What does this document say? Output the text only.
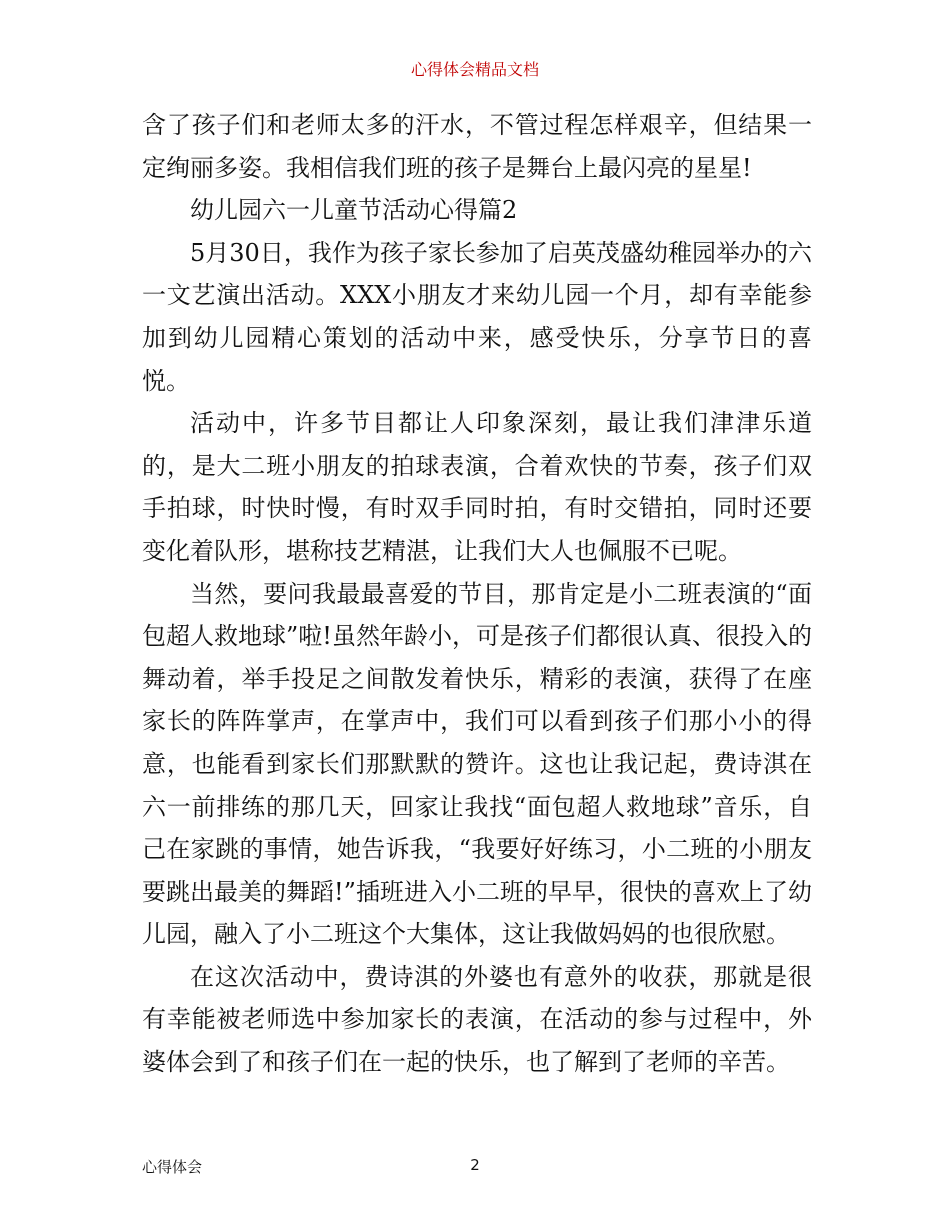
心得体会精品文档

含了孩子们和老师太多的汗水，不管过程怎样艰辛，但结果一定绚丽多姿。我相信我们班的孩子是舞台上最闪亮的星星!

幼儿园六一儿童节活动心得篇2

5月30日，我作为孩子家长参加了启英茂盛幼稚园举办的六一文艺演出活动。XXX小朋友才来幼儿园一个月，却有幸能参加到幼儿园精心策划的活动中来，感受快乐，分享节日的喜悦。

活动中，许多节目都让人印象深刻，最让我们津津乐道的，是大二班小朋友的拍球表演，合着欢快的节奏，孩子们双手拍球，时快时慢，有时双手同时拍，有时交错拍，同时还要变化着队形，堪称技艺精湛，让我们大人也佩服不已呢。

当然，要问我最最喜爱的节目，那肯定是小二班表演的“面包超人救地球”啦!虽然年龄小，可是孩子们都很认真、很投入的舞动着，举手投足之间散发着快乐，精彩的表演，获得了在座家长的阵阵掌声，在掌声中，我们可以看到孩子们那小小的得意，也能看到家长们那默默的赞许。这也让我记起，费诗淇在六一前排练的那几天，回家让我找“面包超人救地球”音乐，自己在家跳的事情，她告诉我，“我要好好练习，小二班的小朋友要跳出最美的舞蹈!”插班进入小二班的早早，很快的喜欢上了幼儿园，融入了小二班这个大集体，这让我做妈妈的也很欣慰。

在这次活动中，费诗淇的外婆也有意外的收获，那就是很有幸能被老师选中参加家长的表演，在活动的参与过程中，外婆体会到了和孩子们在一起的快乐，也了解到了老师的辛苦。

心得体会	2
